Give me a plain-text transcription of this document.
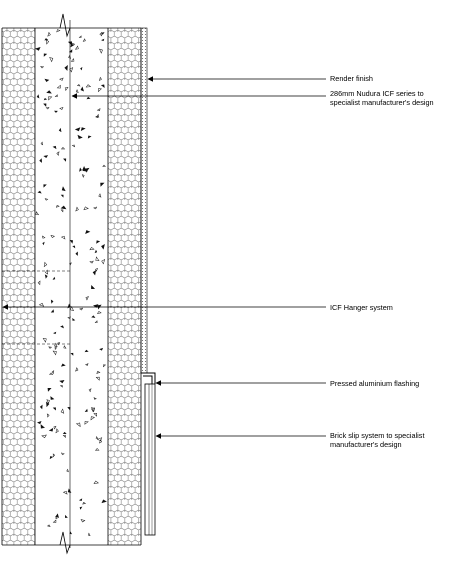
Render finish
286mm Nudura ICF series to specialist manufacturer's design
ICF Hanger system
Pressed aluminium flashing
Brick slip system to specialist manufacturer's design
